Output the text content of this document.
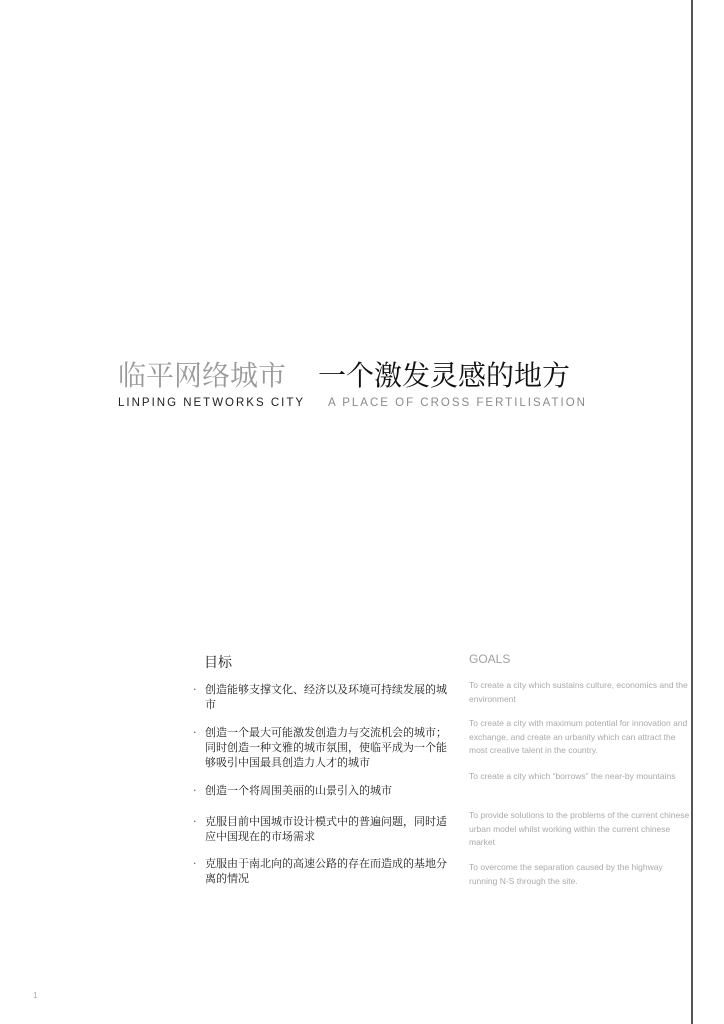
临平网络城市 一个激发灵感的地方
LINPING NETWORKS CITY A PLACE OF CROSS FERTILISATION
目标	GOALS
· 创造能够支撑文化、经济以及环境可持续发展的城市
· 创造一个最大可能激发创造力与交流机会的城市；同时创造一种文雅的城市氛围，使临平成为一个能够吸引中国最具创造力人才的城市
· 创造一个将周围美丽的山景引入的城市
· 克服目前中国城市设计模式中的普遍问题，同时适应中国现在的市场需求
· 克服由于南北向的高速公路的存在而造成的基地分离的情况
To create a city which sustains culture, economics and the environment
To create a city with maximum potential for innovation and exchange, and create an urbanity which can attract the most creative talent in the country.
To create a city which “borrows” the near-by mountains
To provide solutions to the problems of the current chinese urban model whilst working within the current chinese market
To overcome the separation caused by the highway running N-S through the site.
1
